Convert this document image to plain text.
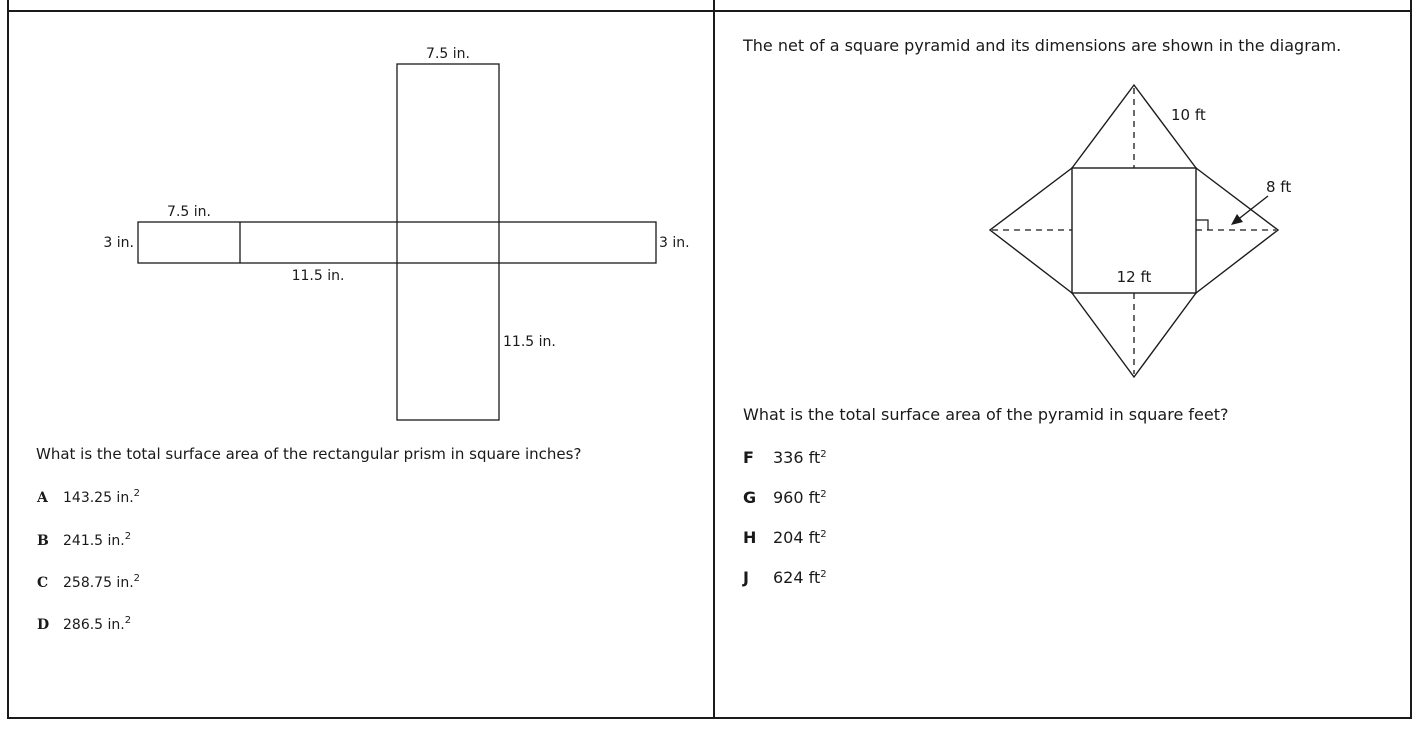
7.5 in.
7.5 in.
3 in.	3 in.
11.5 in.
11.5 in.
10 ft
8 ft
12 ft
What is the total surface area of the rectangular prism in square inches?
A 143.25 in.$^2$
B 241.5 in.$^2$
C 258.75 in.$^2$
D 286.5 in.$^2$
The net of a square pyramid and its dimensions are shown in the diagram.
What is the total surface area of the pyramid in square feet?
F 336 $ft^2$
G 960 $ft^2$
H 204 $ft^2$
J 624 $ft^2$
